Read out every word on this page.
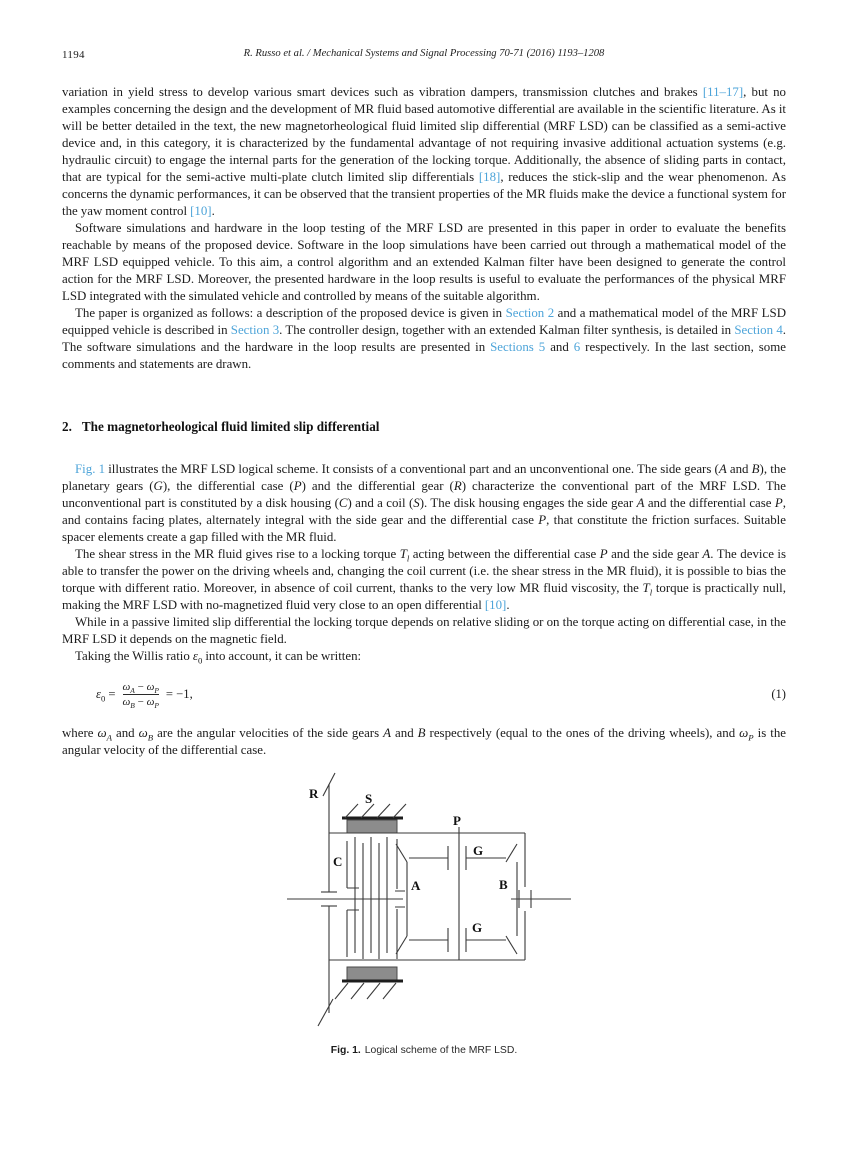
1194	R. Russo et al. / Mechanical Systems and Signal Processing 70-71 (2016) 1193–1208

variation in yield stress to develop various smart devices such as vibration dampers, transmission clutches and brakes [11–17], but no examples concerning the design and the development of MR fluid based automotive differential are available in the scientific literature. As it will be better detailed in the text, the new magnetorheological fluid limited slip differential (MRF LSD) can be classified as a semi-active device and, in this category, it is characterized by the fundamental advantage of not requiring invasive additional actuation systems (e.g. hydraulic circuit) to engage the internal parts for the generation of the locking torque. Additionally, the absence of sliding parts in contact, that are typical for the semi-active multi-plate clutch limited slip differentials [18], reduces the stick-slip and the wear phenomenon. As concerns the dynamic performances, it can be observed that the transient properties of the MR fluids make the device a functional system for the yaw moment control [10].

Software simulations and hardware in the loop testing of the MRF LSD are presented in this paper in order to evaluate the benefits reachable by means of the proposed device. Software in the loop simulations have been carried out through a mathematical model of the MRF LSD equipped vehicle. To this aim, a control algorithm and an extended Kalman filter have been designed to generate the control action for the MRF LSD. Moreover, the presented hardware in the loop results is useful to evaluate the performances of the physical MRF LSD integrated with the simulated vehicle and controlled by means of the suitable algorithm.

The paper is organized as follows: a description of the proposed device is given in Section 2 and a mathematical model of the MRF LSD equipped vehicle is described in Section 3. The controller design, together with an extended Kalman filter synthesis, is detailed in Section 4. The software simulations and the hardware in the loop results are presented in Sections 5 and 6 respectively. In the last section, some comments and statements are drawn.

2. The magnetorheological fluid limited slip differential

Fig. 1 illustrates the MRF LSD logical scheme. It consists of a conventional part and an unconventional one. The side gears (A and B), the planetary gears (G), the differential case (P) and the differential gear (R) characterize the conventional part of the MRF LSD. The unconventional part is constituted by a disk housing (C) and a coil (S). The disk housing engages the side gear A and the differential case P, and contains facing plates, alternately integral with the side gear and the differential case P, that constitute the friction surfaces. Suitable spacer elements create a gap filled with the MR fluid.

The shear stress in the MR fluid gives rise to a locking torque $T_l$ acting between the differential case P and the side gear A. The device is able to transfer the power on the driving wheels and, changing the coil current (i.e. the shear stress in the MR fluid), it is possible to bias the torque with different ratio. Moreover, in absence of coil current, thanks to the very low MR fluid viscosity, the $T_l$ torque is practically null, making the MRF LSD with no-magnetized fluid very close to an open differential [10].

While in a passive limited slip differential the locking torque depends on relative sliding or on the torque acting on differential case, in the MRF LSD it depends on the magnetic field.

Taking the Willis ratio $\varepsilon_0$ into account, it can be written:

$\varepsilon_0 = \frac{\omega_A - \omega_P}{\omega_B - \omega_P} = -1$,	(1)

where $\omega_A$ and $\omega_B$ are the angular velocities of the side gears A and B respectively (equal to the ones of the driving wheels), and $\omega_P$ is the angular velocity of the differential case.

R	S
P
C
G
A	B
G
Fig. 1. Logical scheme of the MRF LSD.
